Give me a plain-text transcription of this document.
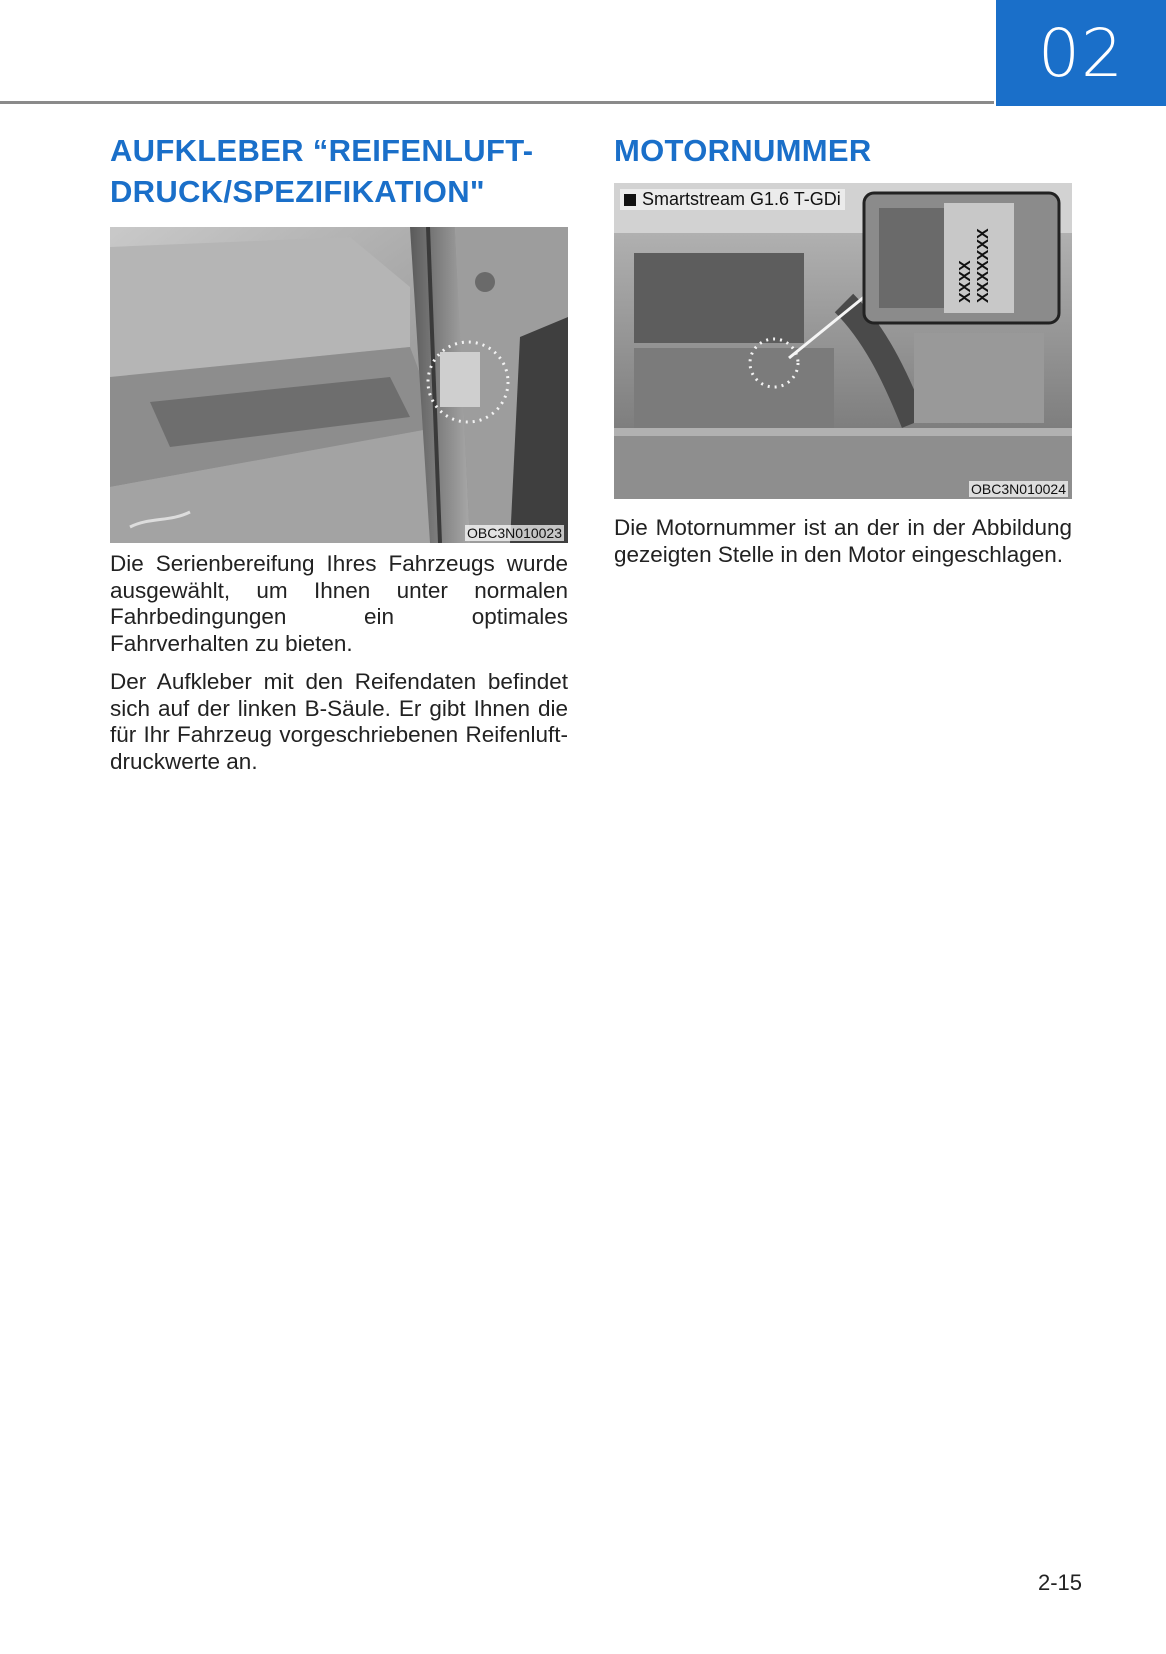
02
AUFKLEBER “REIFENLUFT-
DRUCK/SPEZIFIKATION"
OBC3N010023

Die Serienbereifung Ihres Fahrzeugs wurde ausgewählt, um Ihnen unter normalen Fahrbedingungen ein optimales Fahrverhalten zu bieten.

Der Aufkleber mit den Reifendaten befindet sich auf der linken B-Säule. Er gibt Ihnen die für Ihr Fahrzeug vorgeschriebenen Reifenluft- druckwerte an.

MOTORNUMMER
XXXX XXXXXXX
Smartstream G1.6 T-GDi
OBC3N010024

Die Motornummer ist an der in der Abbildung gezeigten Stelle in den Motor eingeschlagen.

2-15
